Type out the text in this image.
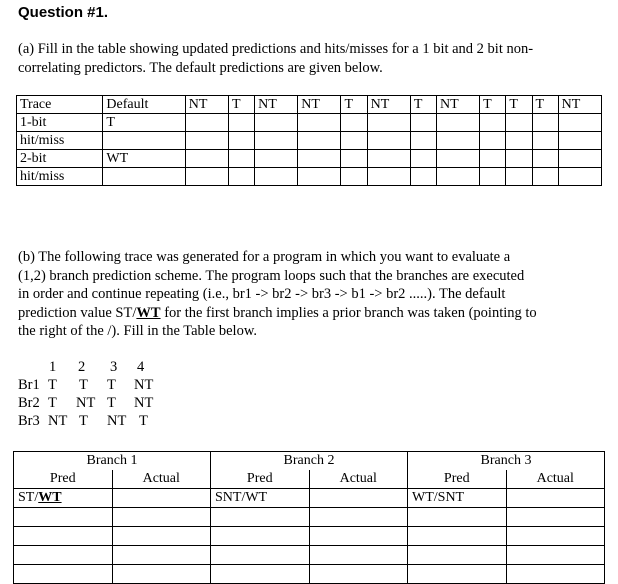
Question #1.
(a) Fill in the table showing updated predictions and hits/misses for a 1 bit and 2 bit non-
correlating predictors. The default predictions are given below.
Trace	Default	NT	T	NT	NT	T	NT	T	NT	T	T	T	NT
1-bit	T												
hit/miss													
2-bit	WT												
hit/miss													
(b) The following trace was generated for a program in which you want to evaluate a
(1,2) branch prediction scheme. The program loops such that the branches are executed
in order and continue repeating (i.e., br1 -> br2 -> br3 -> b1 -> br2 .....). The default
prediction value ST/WT for the first branch implies a prior branch was taken (pointing to
the right of the /). Fill in the Table below.
1 2 3 4
Br1 T T T NT
Br2 T NT T NT
Br3 NT T NT T
Branch 1		Branch 2		Branch 3	
Pred	Actual	Pred	Actual	Pred	Actual
ST/WT		SNT/WT		WT/SNT	
